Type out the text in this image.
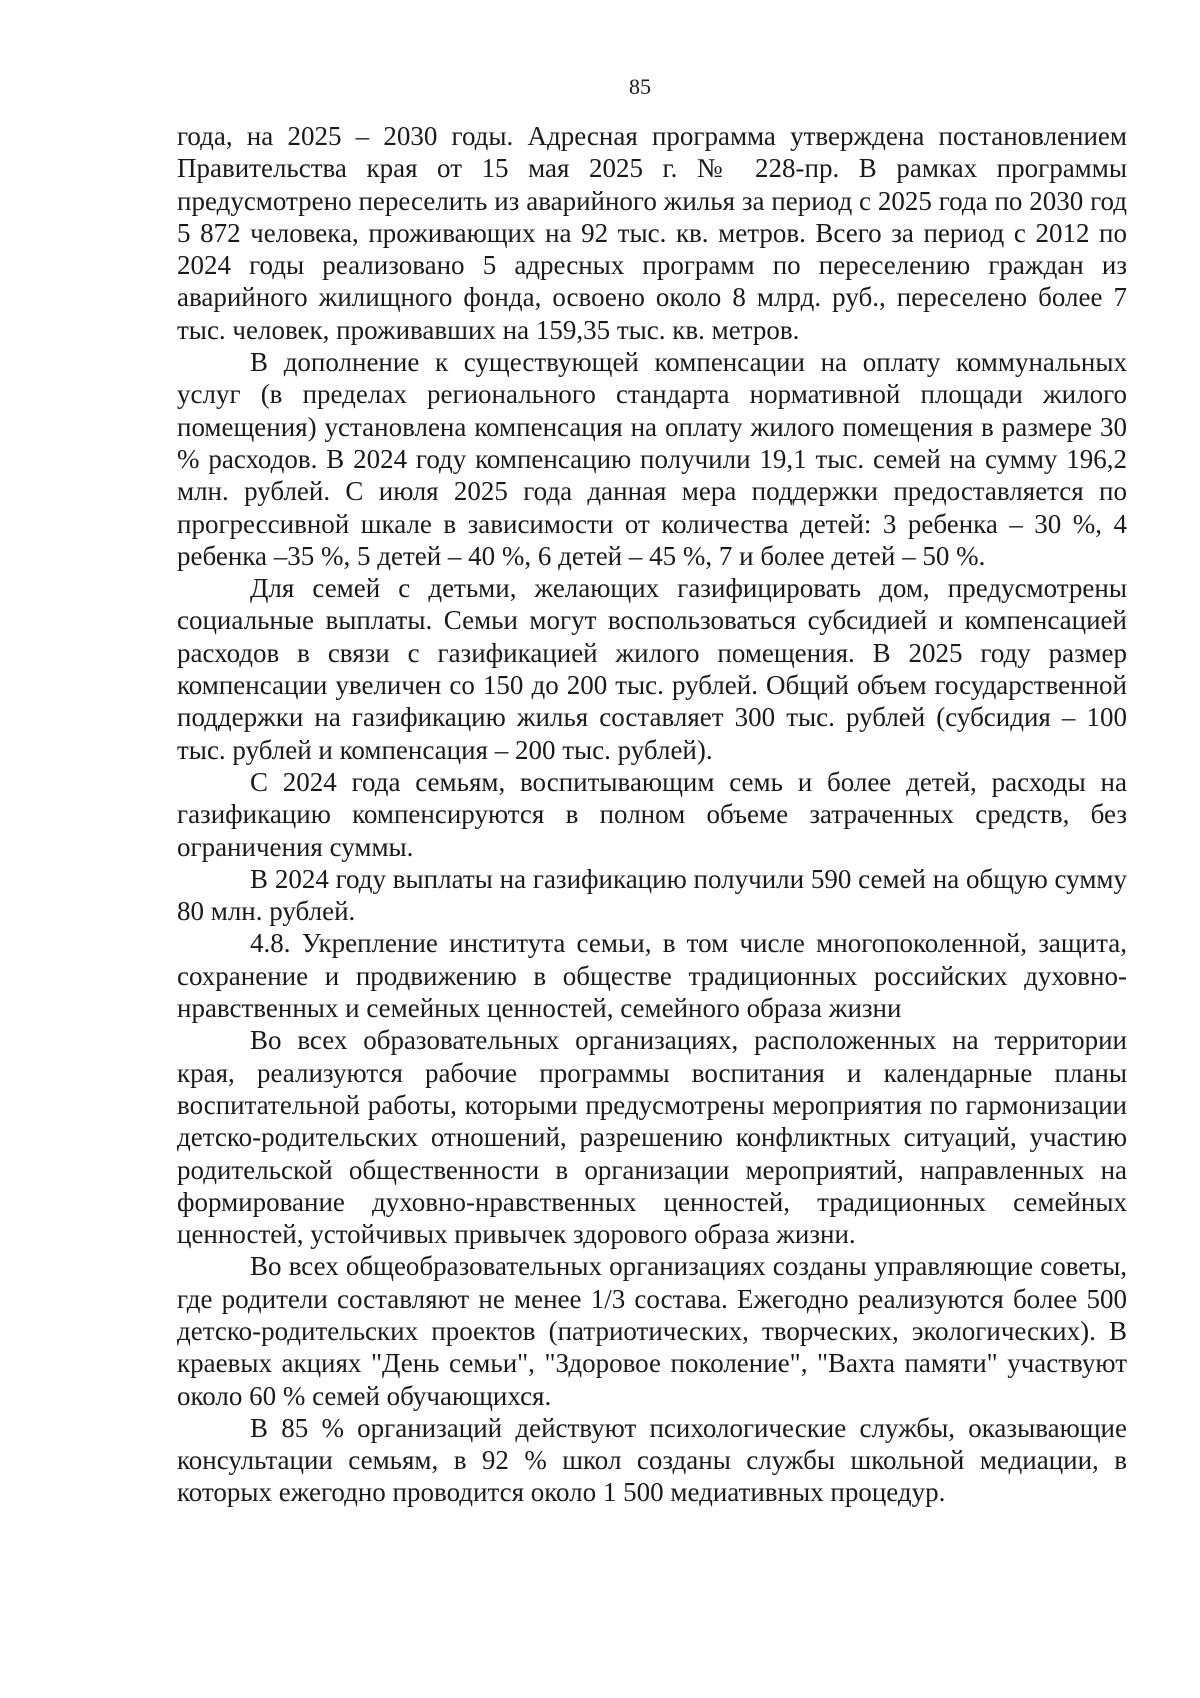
85

года, на 2025 – 2030 годы. Адресная программа утверждена постановлением Правительства края от 15 мая 2025 г. № 228-пр. В рамках программы предусмотрено переселить из аварийного жилья за период с 2025 года по 2030 год 5 872 человека, проживающих на 92 тыс. кв. метров. Всего за период с 2012 по 2024 годы реализовано 5 адресных программ по переселению граждан из аварийного жилищного фонда, освоено около 8 млрд. руб., переселено более 7 тыс. человек, проживавших на 159,35 тыс. кв. метров.

В дополнение к существующей компенсации на оплату коммунальных услуг (в пределах регионального стандарта нормативной площади жилого помещения) установлена компенсация на оплату жилого помещения в размере 30 % расходов. В 2024 году компенсацию получили 19,1 тыс. семей на сумму 196,2 млн. рублей. С июля 2025 года данная мера поддержки предоставляется по прогрессивной шкале в зависимости от количества детей: 3 ребенка – 30 %, 4 ребенка –35 %, 5 детей – 40 %, 6 детей – 45 %, 7 и более детей – 50 %.

Для семей с детьми, желающих газифицировать дом, предусмотрены социальные выплаты. Семьи могут воспользоваться субсидией и компенсацией расходов в связи с газификацией жилого помещения. В 2025 году размер компенсации увеличен со 150 до 200 тыс. рублей. Общий объем государственной поддержки на газификацию жилья составляет 300 тыс. рублей (субсидия – 100 тыс. рублей и компенсация – 200 тыс. рублей).

С 2024 года семьям, воспитывающим семь и более детей, расходы на газификацию компенсируются в полном объеме затраченных средств, без ограничения суммы.

В 2024 году выплаты на газификацию получили 590 семей на общую сумму 80 млн. рублей.

4.8. Укрепление института семьи, в том числе многопоколенной, защита, сохранение и продвижению в обществе традиционных российских духовно-нравственных и семейных ценностей, семейного образа жизни

Во всех образовательных организациях, расположенных на территории края, реализуются рабочие программы воспитания и календарные планы воспитательной работы, которыми предусмотрены мероприятия по гармонизации детско-родительских отношений, разрешению конфликтных ситуаций, участию родительской общественности в организации мероприятий, направленных на формирование духовно-нравственных ценностей, традиционных семейных ценностей, устойчивых привычек здорового образа жизни.

Во всех общеобразовательных организациях созданы управляющие советы, где родители составляют не менее 1/3 состава. Ежегодно реализуются более 500 детско-родительских проектов (патриотических, творческих, экологических). В краевых акциях "День семьи", "Здоровое поколение", "Вахта памяти" участвуют около 60 % семей обучающихся.

В 85 % организаций действуют психологические службы, оказывающие консультации семьям, в 92 % школ созданы службы школьной медиации, в которых ежегодно проводится около 1 500 медиативных процедур.
